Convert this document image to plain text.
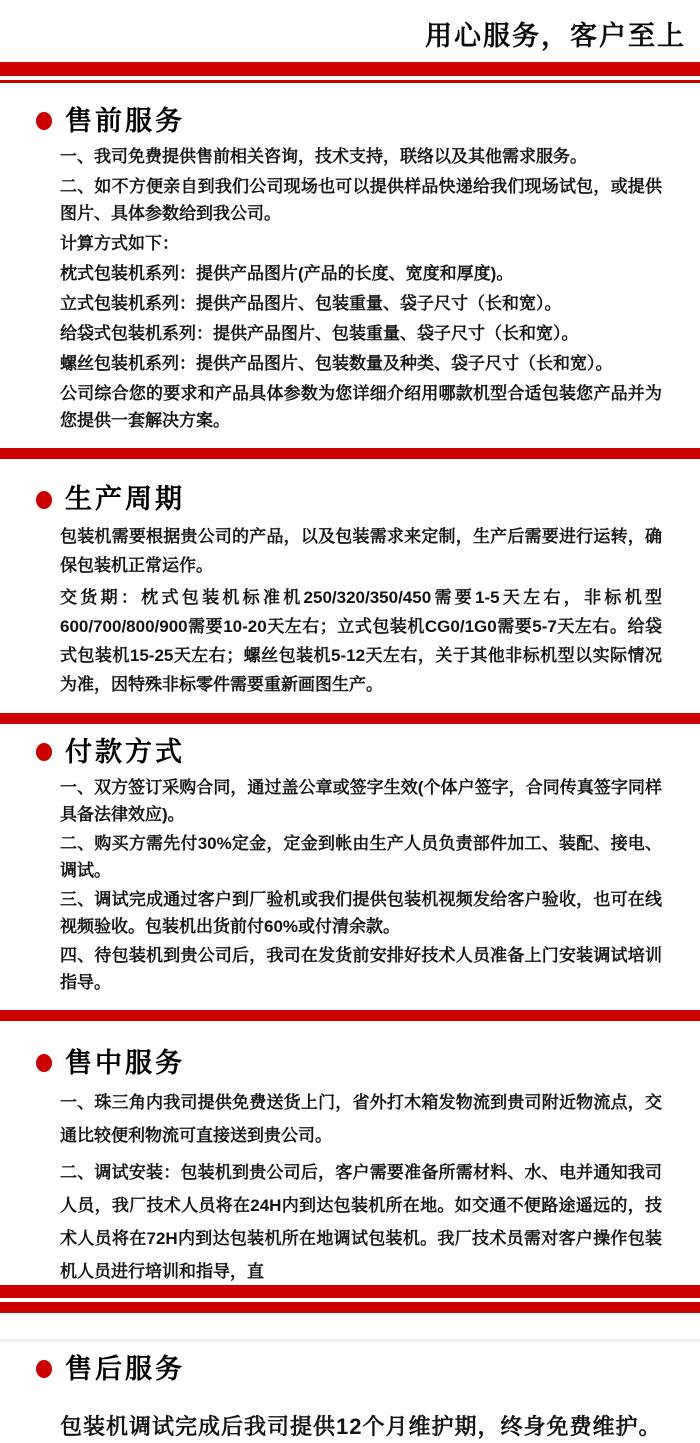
用心服务，客户至上
售前服务

一、我司免费提供售前相关咨询，技术支持，联络以及其他需求服务。

二、如不方便亲自到我们公司现场也可以提供样品快递给我们现场试包，或提供图片、具体参数给到我公司。

计算方式如下：

枕式包装机系列：提供产品图片(产品的长度、宽度和厚度)。

立式包装机系列：提供产品图片、包装重量、袋子尺寸（长和宽）。

给袋式包装机系列：提供产品图片、包装重量、袋子尺寸（长和宽）。

螺丝包装机系列：提供产品图片、包装数量及种类、袋子尺寸（长和宽）。

公司综合您的要求和产品具体参数为您详细介绍用哪款机型合适包装您产品并为您提供一套解决方案。

生产周期

包装机需要根据贵公司的产品，以及包装需求来定制，生产后需要进行运转，确保包装机正常运作。

交货期：枕式包装机标准机250/320/350/450需要1-5天左右，非标机型600/700/800/900需要10-20天左右；立式包装机CG0/1G0需要5-7天左右。给袋式包装机15-25天左右；螺丝包装机5-12天左右，关于其他非标机型以实际情况为准，因特殊非标零件需要重新画图生产。

付款方式

一、双方签订采购合同，通过盖公章或签字生效(个体户签字，合同传真签字同样具备法律效应)。

二、购买方需先付30%定金，定金到帐由生产人员负责部件加工、装配、接电、调试。

三、调试完成通过客户到厂验机或我们提供包装机视频发给客户验收，也可在线视频验收。包装机出货前付60%或付清余款。

四、待包装机到贵公司后，我司在发货前安排好技术人员准备上门安装调试培训指导。

售中服务

一、珠三角内我司提供免费送货上门，省外打木箱发物流到贵司附近物流点，交通比较便利物流可直接送到贵公司。

二、调试安装：包装机到贵公司后，客户需要准备所需材料、水、电并通知我司人员，我厂技术人员将在24H内到达包装机所在地。如交通不便路途遥远的，技术人员将在72H内到达包装机所在地调试包装机。我厂技术员需对客户操作包装机人员进行培训和指导，直

售后服务

包装机调试完成后我司提供12个月维护期，终身免费维护。
